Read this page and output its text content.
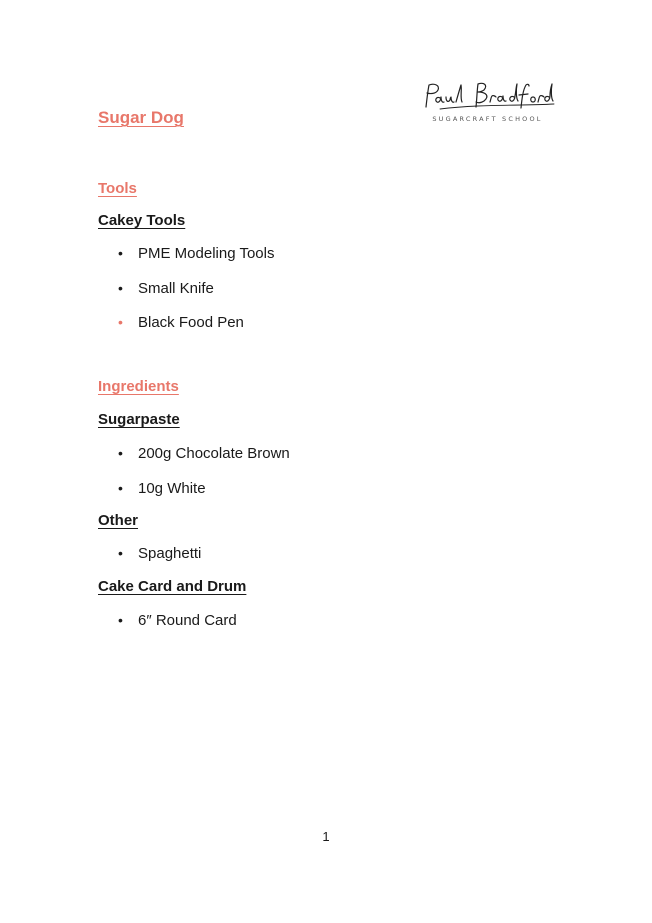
SUGARCRAFT SCHOOL
Sugar Dog
Tools
Cakey Tools
• PME Modeling Tools
• Small Knife
• Black Food Pen
Ingredients
Sugarpaste
• 200g Chocolate Brown
• 10g White
Other
• Spaghetti
Cake Card and Drum
• 6″ Round Card
1
